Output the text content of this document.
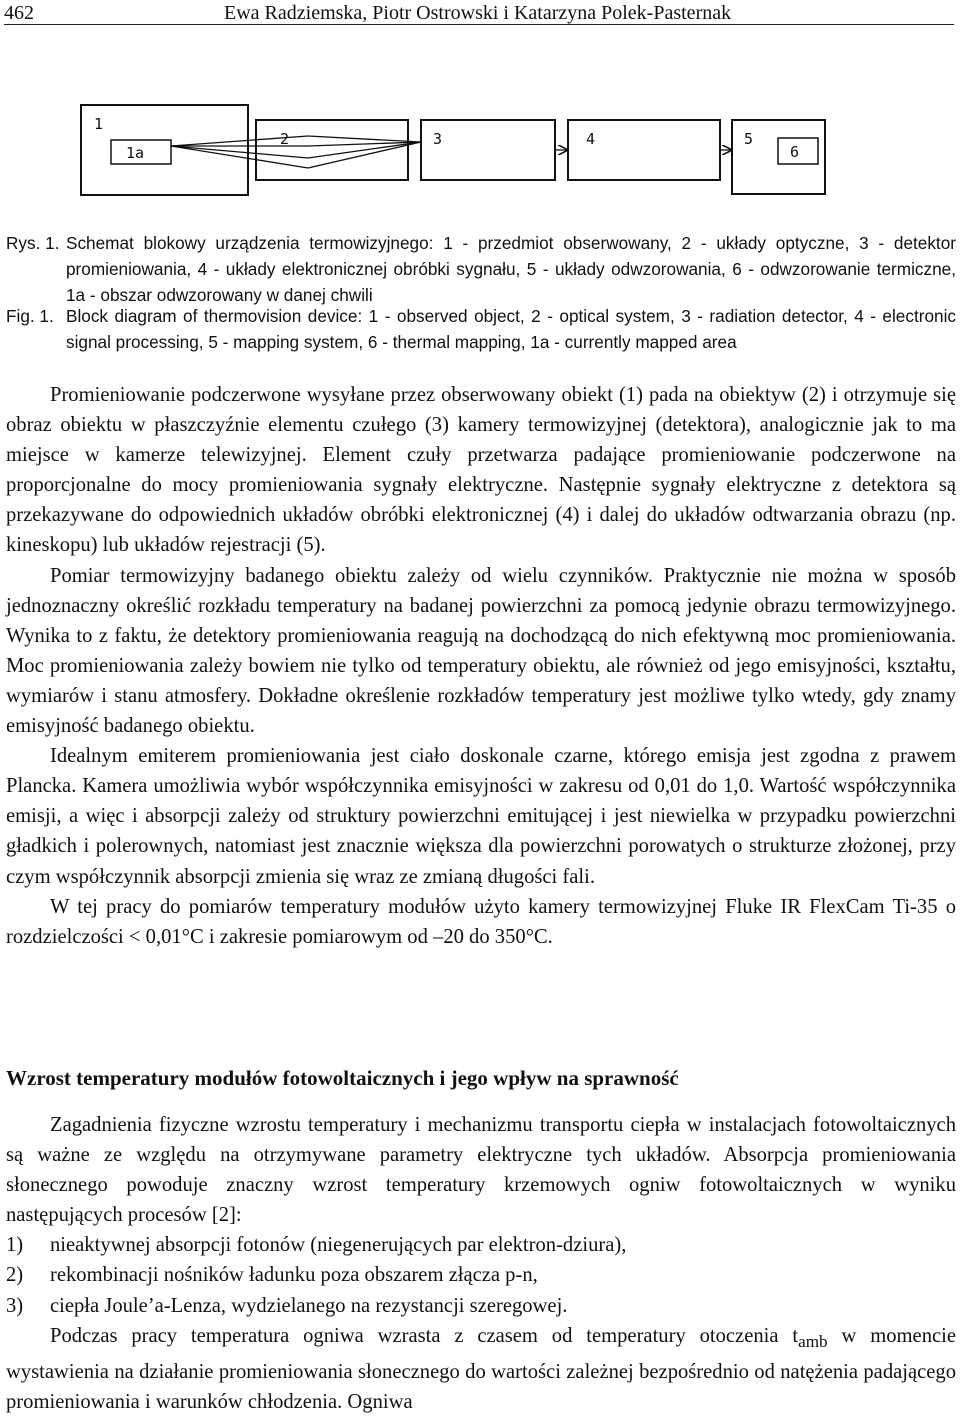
462	Ewa Radziemska, Piotr Ostrowski i Katarzyna Polek-Pasternak
1
1a
2	3	4	5
6
Rys. 1. Schemat blokowy urządzenia termowizyjnego: 1 - przedmiot obserwowany, 2 - układy optyczne, 3 - detektor promieniowania, 4 - układy elektronicznej obróbki sygnału, 5 - układy odwzorowania, 6 - odwzorowanie termiczne, 1a - obszar odwzorowany w danej chwili
Fig. 1. Block diagram of thermovision device: 1 - observed object, 2 - optical system, 3 - radiation detector, 4 - electronic signal processing, 5 - mapping system, 6 - thermal mapping, 1a - currently mapped area

Promieniowanie podczerwone wysyłane przez obserwowany obiekt (1) pada na obiektyw (2) i otrzymuje się obraz obiektu w płaszczyźnie elementu czułego (3) kamery termowizyjnej (detektora), analogicznie jak to ma miejsce w kamerze telewizyjnej. Element czuły przetwarza padające promieniowanie podczerwone na proporcjonalne do mocy promieniowania sygnały elektryczne. Następnie sygnały elektryczne z detektora są przekazywane do odpowiednich układów obróbki elektronicznej (4) i dalej do układów odtwarzania obrazu (np. kineskopu) lub układów rejestracji (5).

Pomiar termowizyjny badanego obiektu zależy od wielu czynników. Praktycznie nie można w sposób jednoznaczny określić rozkładu temperatury na badanej powierzchni za pomocą jedynie obrazu termowizyjnego. Wynika to z faktu, że detektory promieniowania reagują na dochodzącą do nich efektywną moc promieniowania. Moc promieniowania zależy bowiem nie tylko od temperatury obiektu, ale również od jego emisyjności, kształtu, wymiarów i stanu atmosfery. Dokładne określenie rozkładów temperatury jest możliwe tylko wtedy, gdy znamy emisyjność badanego obiektu.

Idealnym emiterem promieniowania jest ciało doskonale czarne, którego emisja jest zgodna z prawem Plancka. Kamera umożliwia wybór współczynnika emisyjności w zakresu od 0,01 do 1,0. Wartość współczynnika emisji, a więc i absorpcji zależy od struktury powierzchni emitującej i jest niewielka w przypadku powierzchni gładkich i polerownych, natomiast jest znacznie większa dla powierzchni porowatych o strukturze złożonej, przy czym współczynnik absorpcji zmienia się wraz ze zmianą długości fali.

W tej pracy do pomiarów temperatury modułów użyto kamery termowizyjnej Fluke IR FlexCam Ti-35 o rozdzielczości < 0,01°C i zakresie pomiarowym od –20 do 350°C.

Wzrost temperatury modułów fotowoltaicznych i jego wpływ na sprawność

Zagadnienia fizyczne wzrostu temperatury i mechanizmu transportu ciepła w instalacjach fotowoltaicznych są ważne ze względu na otrzymywane parametry elektryczne tych układów. Absorpcja promieniowania słonecznego powoduje znaczny wzrost temperatury krzemowych ogniw fotowoltaicznych w wyniku następujących procesów [2]:

1)	nieaktywnej absorpcji fotonów (niegenerujących par elektron-dziura),
2)	rekombinacji nośników ładunku poza obszarem złącza p-n,
3)	ciepła Joule’a-Lenza, wydzielanego na rezystancji szeregowej.

Podczas pracy temperatura ogniwa wzrasta z czasem od temperatury otoczenia $t_{amb}$ w momencie wystawienia na działanie promieniowania słonecznego do wartości zależnej bezpośrednio od natężenia padającego promieniowania i warunków chłodzenia. Ogniwa
